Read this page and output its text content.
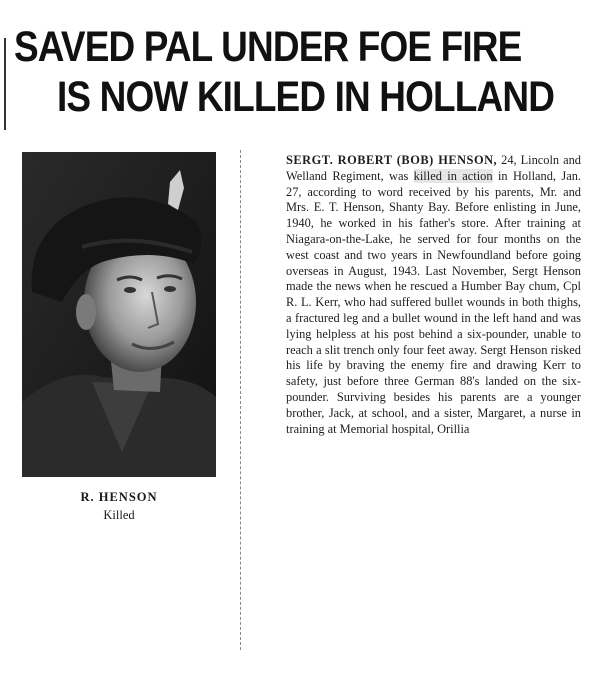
SAVED PAL UNDER FOE FIRE
IS NOW KILLED IN HOLLAND
R. HENSON
Killed
SERGT. ROBERT (BOB) HENSON, 24, Lincoln and Welland Regiment, was killed in action in Holland, Jan. 27, according to word received by his parents, Mr. and Mrs. E. T. Henson, Shanty Bay. Before enlisting in June, 1940, he worked in his father's store. After training at Niagara-on-the-Lake, he served for four months on the west coast and two years in Newfoundland before going overseas in August, 1943. Last November, Sergt Henson made the news when he rescued a Humber Bay chum, Cpl R. L. Kerr, who had suffered bullet wounds in both thighs, a fractured leg and a bullet wound in the left hand and was lying helpless at his post behind a six-pounder, unable to reach a slit trench only four feet away. Sergt Henson risked his life by braving the enemy fire and drawing Kerr to safety, just before three German 88's landed on the six-pounder. Surviving besides his parents are a younger brother, Jack, at school, and a sister, Margaret, a nurse in training at Memorial hospital, Orillia
